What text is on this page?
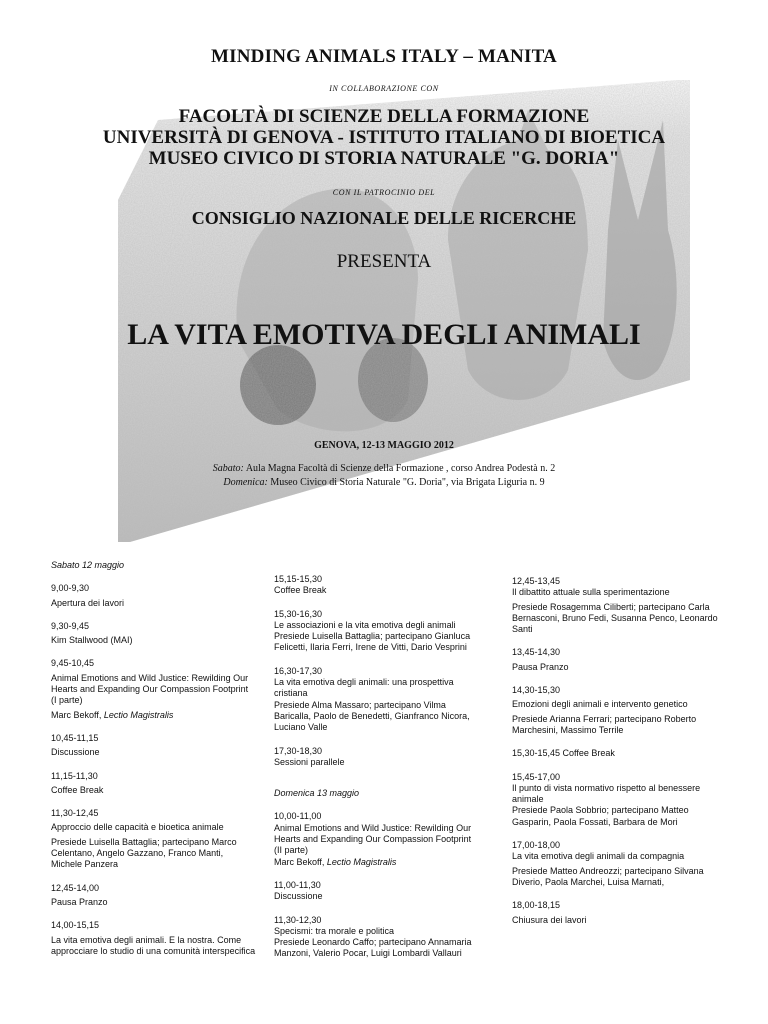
MINDING ANIMALS ITALY – MANITA
IN COLLABORAZIONE CON
FACOLTÀ DI SCIENZE DELLA FORMAZIONE
UNIVERSITÀ DI GENOVA - ISTITUTO ITALIANO DI BIOETICA
MUSEO CIVICO DI STORIA NATURALE "G. DORIA"
CON IL PATROCINIO DEL
CONSIGLIO NAZIONALE DELLE RICERCHE
PRESENTA
LA VITA EMOTIVA DEGLI ANIMALI
GENOVA, 12-13 MAGGIO 2012
Sabato: Aula Magna Facoltà di Scienze della Formazione , corso Andrea Podestà n. 2
Domenica: Museo Civico di Storia Naturale "G. Doria", via Brigata Liguria n. 9
Sabato 12 maggio
9,00-9,30
Apertura dei lavori
9,30-9,45
Kim Stallwood (MAI)
9,45-10,45
Animal Emotions and Wild Justice: Rewilding Our Hearts and Expanding Our Compassion Footprint (I parte)
Marc Bekoff, Lectio Magistralis
10,45-11,15
Discussione
11,15-11,30
Coffee Break
11,30-12,45
Approccio delle capacità e bioetica animale
Presiede Luisella Battaglia; partecipano Marco Celentano, Angelo Gazzano, Franco Manti, Michele Panzera
12,45-14,00
Pausa Pranzo
14,00-15,15
La vita emotiva degli animali. E la nostra. Come approcciare lo studio di una comunità interspecifica
15,15-15,30
Coffee Break
15,30-16,30
Le associazioni e la vita emotiva degli animali
Presiede Luisella Battaglia; partecipano Gianluca Felicetti, Ilaria Ferri, Irene de Vitti, Dario Vesprini
16,30-17,30
La vita emotiva degli animali: una prospettiva cristiana
Presiede Alma Massaro; partecipano Vilma Baricalla, Paolo de Benedetti, Gianfranco Nicora, Luciano Valle
17,30-18,30
Sessioni parallele
Domenica 13 maggio
10,00-11,00
Animal Emotions and Wild Justice: Rewilding Our Hearts and Expanding Our Compassion Footprint (II parte)
Marc Bekoff, Lectio Magistralis
11,00-11,30
Discussione
11,30-12,30
Specismi: tra morale e politica
Presiede Leonardo Caffo; partecipano Annamaria Manzoni, Valerio Pocar, Luigi Lombardi Vallauri
12,45-13,45
Il dibattito attuale sulla sperimentazione
Presiede Rosagemma Ciliberti; partecipano Carla Bernasconi, Bruno Fedi, Susanna Penco, Leonardo Santi
13,45-14,30
Pausa Pranzo
14,30-15,30
Emozioni degli animali e intervento genetico
Presiede Arianna Ferrari; partecipano Roberto Marchesini, Massimo Terrile
15,30-15,45 Coffee Break
15,45-17,00
Il punto di vista normativo rispetto al benessere animale
Presiede Paola Sobbrio; partecipano Matteo Gasparin, Paola Fossati, Barbara de Mori
17,00-18,00
La vita emotiva degli animali da compagnia
Presiede Matteo Andreozzi; partecipano Silvana Diverio, Paola Marchei, Luisa Marnati,
18,00-18,15
Chiusura dei lavori
